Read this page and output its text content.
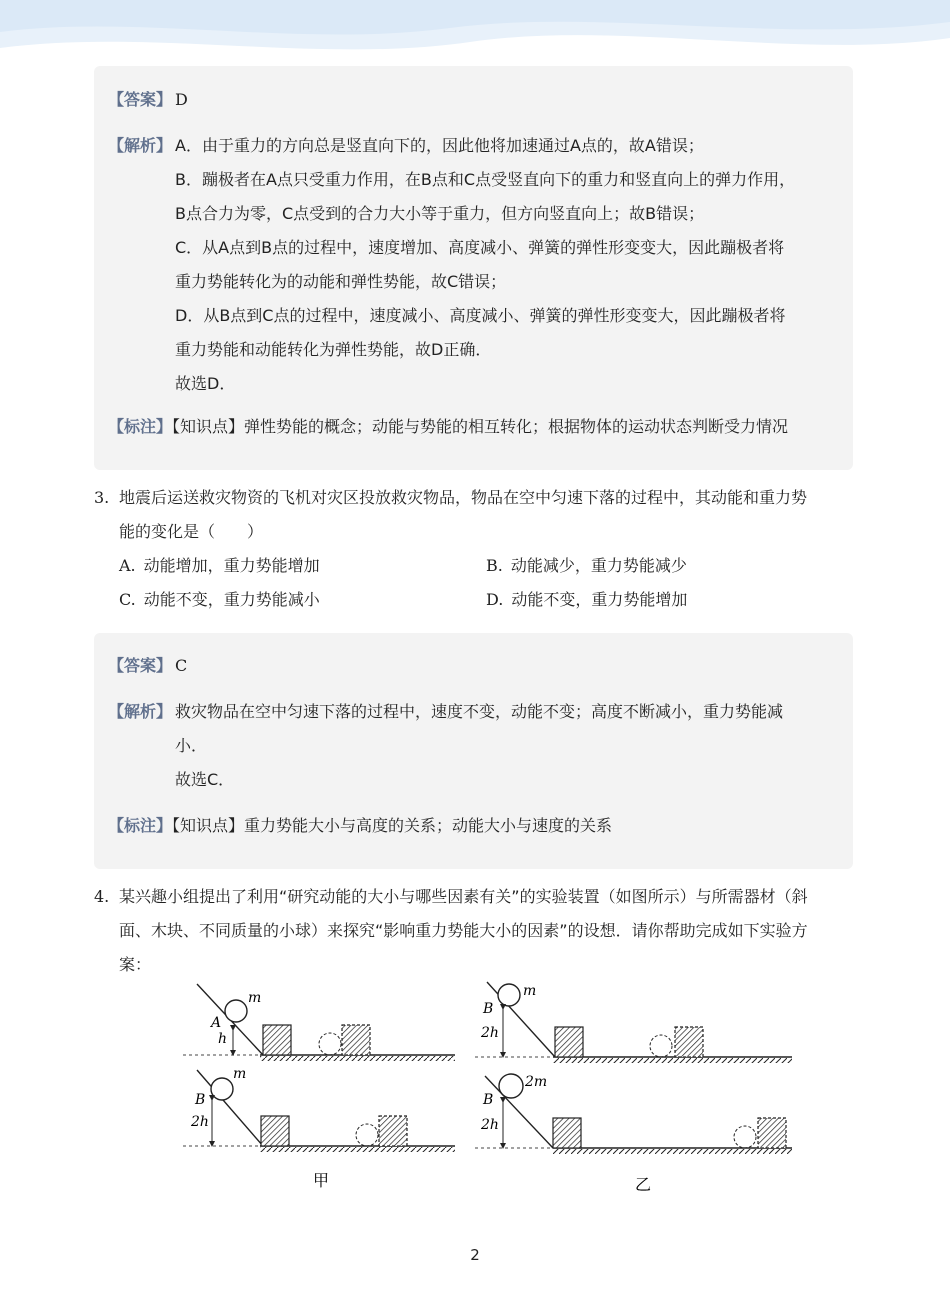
【答案】 D
【解析】 A．由于重力的方向总是竖直向下的，因此他将加速通过A点的，故A错误；
B．蹦极者在A点只受重力作用，在B点和C点受竖直向下的重力和竖直向上的弹力作用，
B点合力为零，C点受到的合力大小等于重力，但方向竖直向上；故B错误；
C．从A点到B点的过程中，速度增加、高度减小、弹簧的弹性形变变大，因此蹦极者将
重力势能转化为的动能和弹性势能，故C错误；
D．从B点到C点的过程中，速度减小、高度减小、弹簧的弹性形变变大，因此蹦极者将
重力势能和动能转化为弹性势能，故D正确．
故选D．
【标注】
【知识点】弹性势能的概念；动能与势能的相互转化；根据物体的运动状态判断受力情况
3. 地震后运送救灾物资的飞机对灾区投放救灾物品，物品在空中匀速下落的过程中，其动能和重力势
能的变化是（　　）
A. 动能增加，重力势能增加	B. 动能减少，重力势能减少
C. 动能不变，重力势能减小	D. 动能不变，重力势能增加
【答案】 C
【解析】 救灾物品在空中匀速下落的过程中，速度不变，动能不变；高度不断减小，重力势能减
小．
故选C．
【标注】
【知识点】重力势能大小与高度的关系；动能大小与速度的关系
4. 某兴趣小组提出了利用“研究动能的大小与哪些因素有关”的实验装置（如图所示）与所需器材（斜
面、木块、不同质量的小球）来探究“影响重力势能大小的因素”的设想．请你帮助完成如下实验方
案：
m
A
h
m
B
2h
m
B
2h
2m
B
2h
甲	乙
2
